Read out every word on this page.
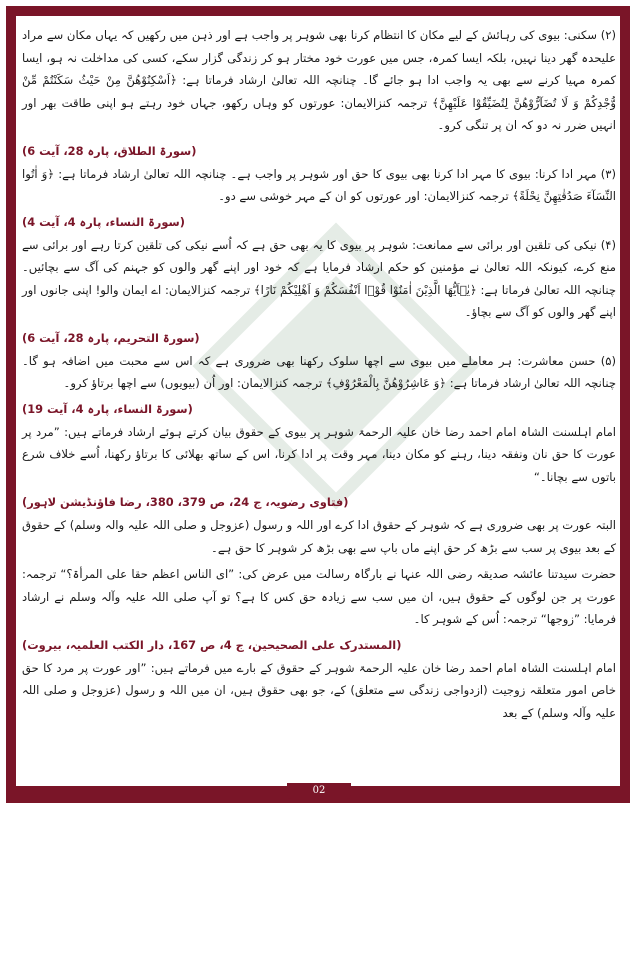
(۲) سکنی: بیوی کی رہائش کے لیے مکان کا انتظام کرنا بھی شوہر پر واجب ہے اور ذہن میں رکھیں کہ یہاں مکان سے مراد علیحدہ گھر دینا نہیں، بلکہ ایسا کمرہ، جس میں عورت خود مختار ہو کر زندگی گزار سکے، کسی کی مداخلت نہ ہو، ایسا کمرہ مہیا کرنے سے بھی یہ واجب ادا ہو جائے گا۔ چنانچہ اللہ تعالیٰ ارشاد فرماتا ہے: ﴿اَسْكِنُوْهُنَّ مِنْ حَیْثُ سَكَنْتُمْ مِّنْ وُّجْدِكُمْ وَ لَا تُضَآرُّوْهُنَّ لِتُضَیِّقُوْا عَلَیْهِنَّ﴾ ترجمہ کنزالایمان: عورتوں کو وہاں رکھو، جہاں خود رہتے ہو اپنی طاقت بھر اور انہیں ضرر نہ دو کہ ان پر تنگی کرو۔

(سورۃ الطلاق، پارہ 28، آیت 6)

(۳) مہر ادا کرنا: بیوی کا مہر ادا کرنا بھی بیوی کا حق اور شوہر پر واجب ہے۔ چنانچہ اللہ تعالیٰ ارشاد فرماتا ہے: ﴿وَ اٰتُوا النِّسَآءَ صَدُقٰتِهِنَّ نِحْلَةً﴾ ترجمہ کنزالایمان: اور عورتوں کو ان کے مہر خوشی سے دو۔

(سورۃ النساء، پارہ 4، آیت 4)

(۴) نیکی کی تلقین اور برائی سے ممانعت: شوہر پر بیوی کا یہ بھی حق ہے کہ اُسے نیکی کی تلقین کرتا رہے اور برائی سے منع کرے، کیونکہ اللہ تعالیٰ نے مؤمنین کو حکم ارشاد فرمایا ہے کہ خود اور اپنے گھر والوں کو جہنم کی آگ سے بچائیں۔ چنانچہ اللہ تعالیٰ فرماتا ہے: ﴿یٰۤاَیُّهَا الَّذِیْنَ اٰمَنُوْا قُوْۤا اَنْفُسَكُمْ وَ اَهْلِیْكُمْ نَارًا﴾ ترجمہ کنزالایمان: اے ایمان والو! اپنی جانوں اور اپنے گھر والوں کو آگ سے بچاؤ۔

(سورۃ التحریم، پارہ 28، آیت 6)

(۵) حسن معاشرت: ہر معاملے میں بیوی سے اچھا سلوک رکھنا بھی ضروری ہے کہ اس سے محبت میں اضافہ ہو گا۔ چنانچہ اللہ تعالیٰ ارشاد فرماتا ہے: ﴿وَ عَاشِرُوْهُنَّ بِالْمَعْرُوْفِ﴾ ترجمہ کنزالایمان: اور اُن (بیویوں) سے اچھا برتاؤ کرو۔

(سورۃ النساء، پارہ 4، آیت 19)

امام اہلسنت الشاہ امام احمد رضا خان علیہ الرحمۃ شوہر پر بیوی کے حقوق بیان کرتے ہوئے ارشاد فرماتے ہیں: ”مرد پر عورت کا حق نان ونفقہ دینا، رہنے کو مکان دینا، مہر وقت پر ادا کرنا، اس کے ساتھ بھلائی کا برتاؤ رکھنا، اُسے خلاف شرع باتوں سے بچانا۔“

(فتاوی رضویہ، ج 24، ص 379، 380، رضا فاؤنڈیشن لاہور)

البتہ عورت پر بھی ضروری ہے کہ شوہر کے حقوق ادا کرے اور اللہ و رسول (عزوجل و صلی اللہ علیہ والہ وسلم) کے حقوق کے بعد بیوی پر سب سے بڑھ کر حق اپنے ماں باپ سے بھی بڑھ کر شوہر کا حق ہے۔

حضرت سیدتنا عائشہ صدیقہ رضی اللہ عنہا نے بارگاہ رسالت میں عرض کی: ”ای الناس اعظم حقا علی المرأۃ؟“ ترجمہ: عورت پر جن لوگوں کے حقوق ہیں، ان میں سب سے زیادہ حق کس کا ہے؟ تو آپ صلی اللہ علیہ وآلہ وسلم نے ارشاد فرمایا: ”زوجھا“ ترجمہ: اُس کے شوہر کا۔

(المستدرک علی الصحیحین، ج 4، ص 167، دار الکتب العلمیہ، بیروت)

امام اہلسنت الشاہ امام احمد رضا خان علیہ الرحمۃ شوہر کے حقوق کے بارے میں فرماتے ہیں: ”اور عورت پر مرد کا حق خاص امور متعلقہ زوجیت (ازدواجی زندگی سے متعلق) کے، جو بھی حقوق ہیں، ان میں اللہ و رسول (عزوجل و صلی اللہ علیہ وآلہ وسلم) کے بعد

02
